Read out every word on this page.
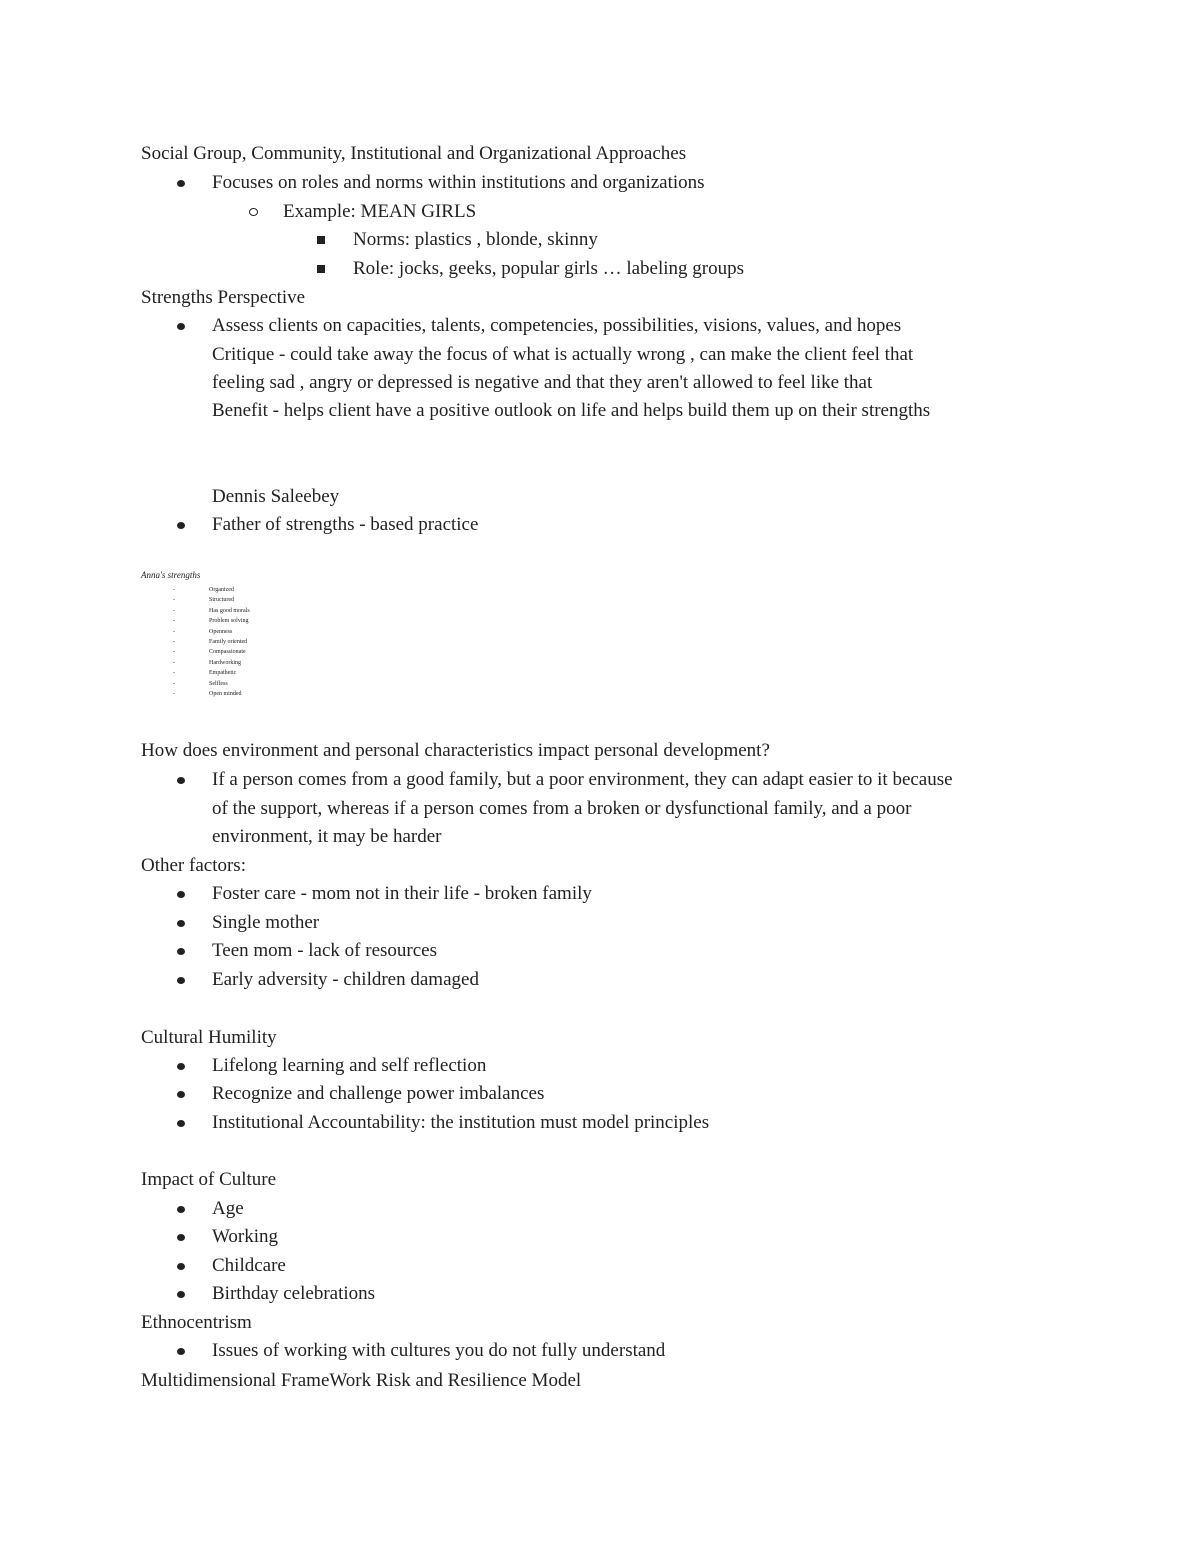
Social Group, Community, Institutional and Organizational Approaches
Focuses on roles and norms within institutions and organizations
Example: MEAN GIRLS
Norms: plastics , blonde, skinny
Role: jocks, geeks, popular girls … labeling groups
Strengths Perspective
Assess clients on capacities, talents, competencies, possibilities, visions, values, and hopes
Critique - could take away the focus of what is actually wrong , can make the client feel that
feeling sad , angry or depressed is negative and that they aren't allowed to feel like that
Benefit - helps client have a positive outlook on life and helps build them up on their strengths
Dennis Saleebey
Father of strengths - based practice
Anna's strengths
-	Organized
-	Structured
-	Has good morals
-	Problem solving
-	Openness
-	Family oriented
-	Compassionate
-	Hardworking
-	Empathetic
-	Selfless
-	Open minded
How does environment and personal characteristics impact personal development?
If a person comes from a good family, but a poor environment, they can adapt easier to it because
of the support, whereas if a person comes from a broken or dysfunctional family, and a poor
environment, it may be harder
Other factors:
Foster care - mom not in their life - broken family
Single mother
Teen mom - lack of resources
Early adversity - children damaged
Cultural Humility
Lifelong learning and self reflection
Recognize and challenge power imbalances
Institutional Accountability: the institution must model principles
Impact of Culture
Age
Working
Childcare
Birthday celebrations
Ethnocentrism
Issues of working with cultures you do not fully understand
Multidimensional FrameWork Risk and Resilience Model
